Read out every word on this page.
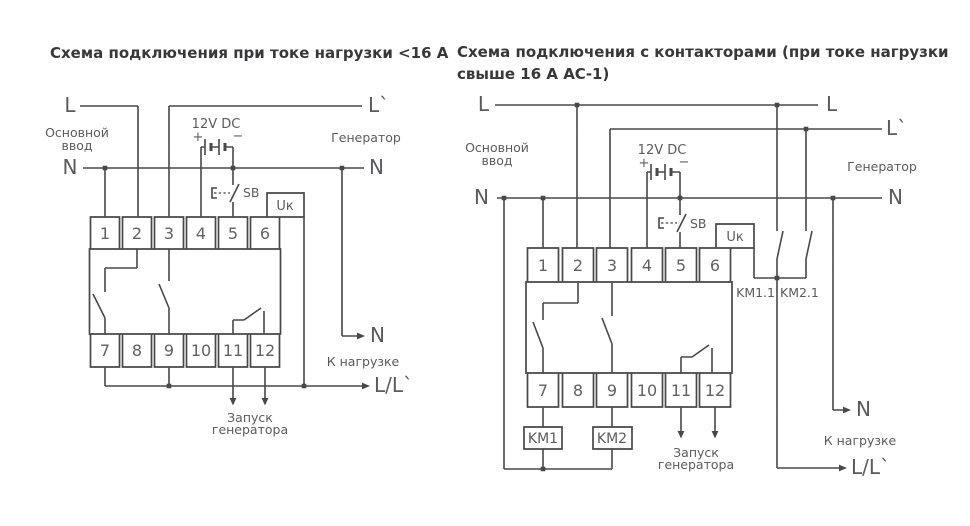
Схема подключения при токе нагрузки <16 А
L
Основной
ввод
N
12V DC
+ −
SB
Uк
L`
Генератор
N
N
К нагрузке
L/L`
Запуск
генератора
1 2 3 4 5 6
7 8 9 10 11 12
Схема подключения с контакторами (при токе нагрузки
свыше 16 А АС-1)
L	L
L`
Основной
ввод
N	N
Генератор
12V DC
+ −
SB
Uк
KM1.1 KM2.1
KM1	KM2
Запуск
генератора
N
К нагрузке
L/L`
1 2 3 4 5 6
7 8 9 10 11 12
